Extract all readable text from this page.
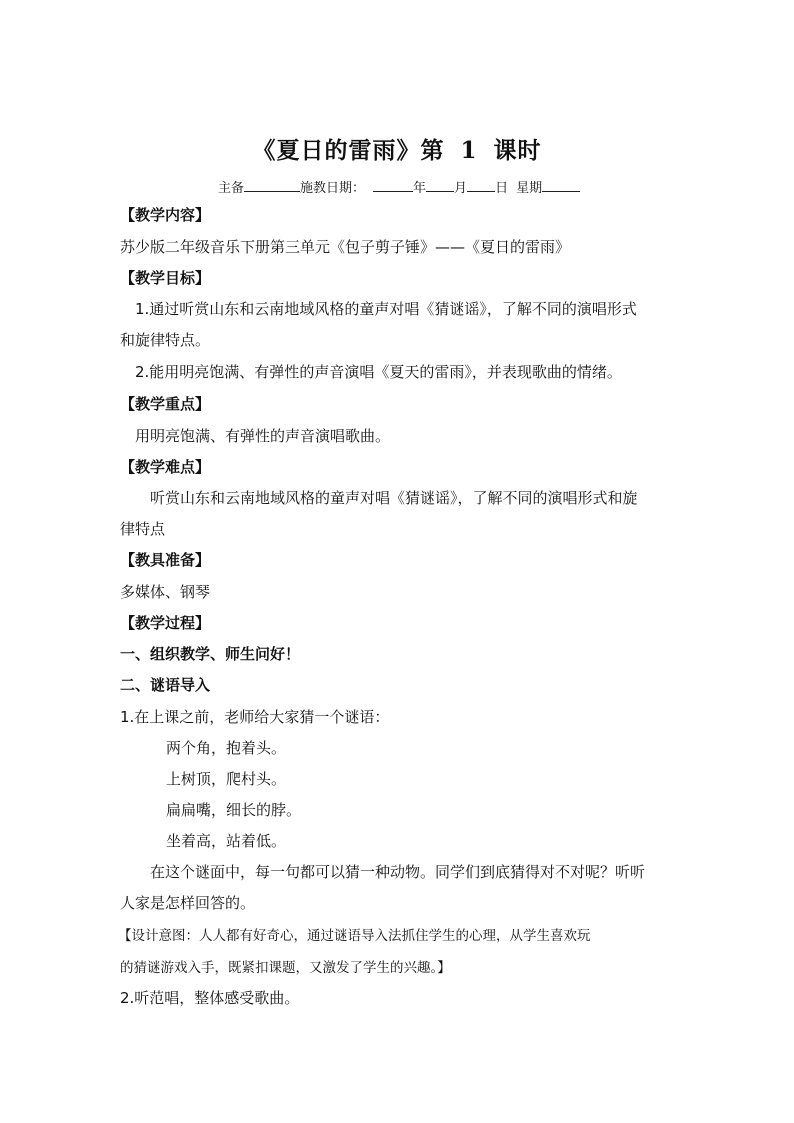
《夏日的雷雨》第 1 课时
主备	施教日期：	年 月 日 星期
【教学内容】
苏少版二年级音乐下册第三单元《包子剪子锤》——《夏日的雷雨》
【教学目标】
1.通过听赏山东和云南地域风格的童声对唱《猜谜谣》，了解不同的演唱形式
和旋律特点。
2.能用明亮饱满、有弹性的声音演唱《夏天的雷雨》，并表现歌曲的情绪。
【教学重点】
用明亮饱满、有弹性的声音演唱歌曲。
【教学难点】
听赏山东和云南地域风格的童声对唱《猜谜谣》，了解不同的演唱形式和旋
律特点
【教具准备】
多媒体、钢琴
【教学过程】
一、组织教学、师生问好！
二、谜语导入
1.在上课之前，老师给大家猜一个谜语：
两个角，抱着头。
上树顶，爬村头。
扁扁嘴，细长的脖。
坐着高，站着低。
在这个谜面中，每一句都可以猜一种动物。同学们到底猜得对不对呢？听听
人家是怎样回答的。
【设计意图：人人都有好奇心，通过谜语导入法抓住学生的心理，从学生喜欢玩
的猜谜游戏入手，既紧扣课题，又激发了学生的兴趣。】
2.听范唱，整体感受歌曲。
